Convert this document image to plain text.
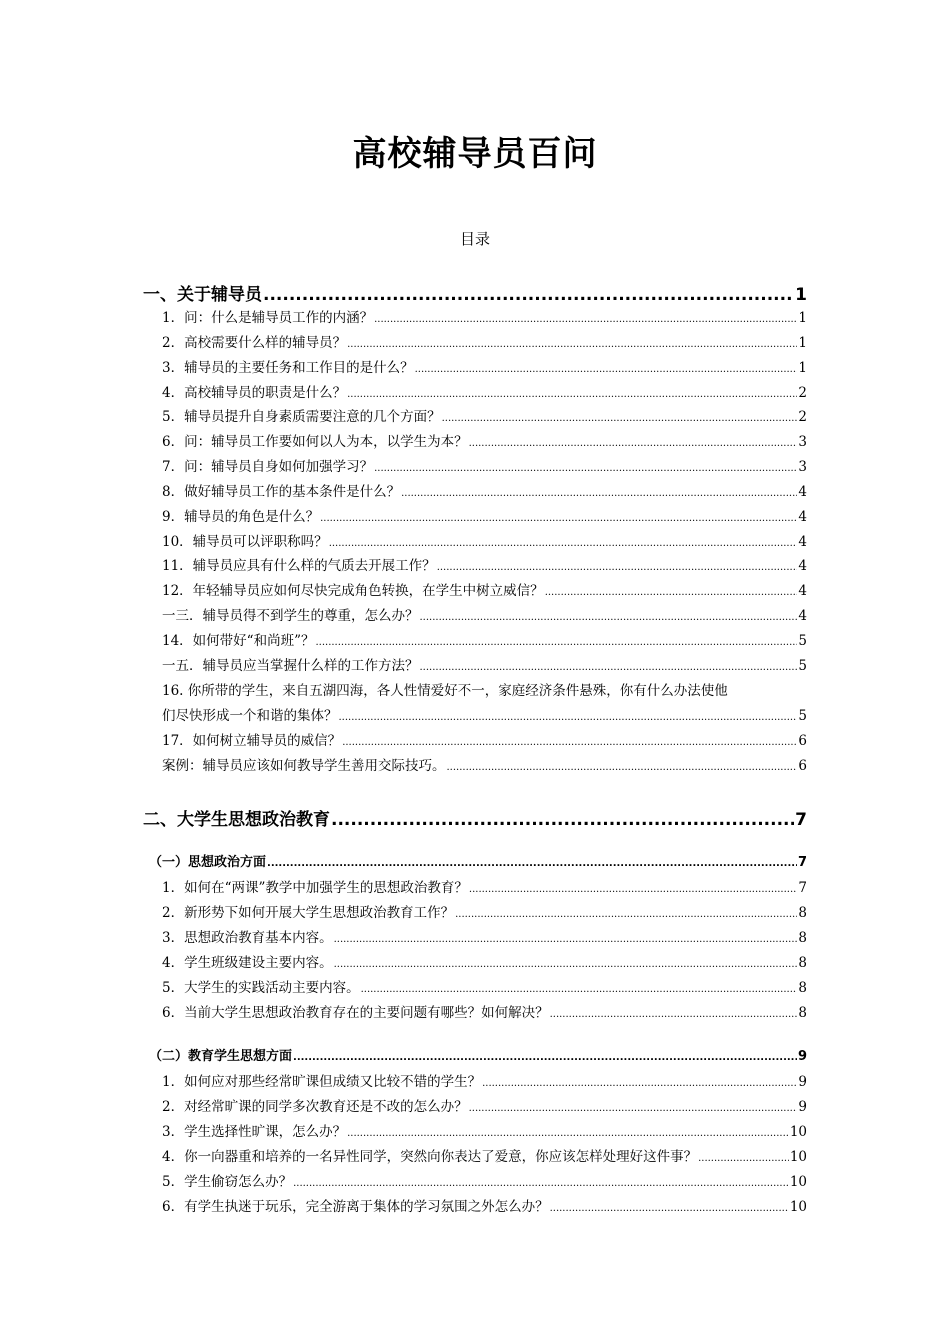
高校辅导员百问
目录
一、关于辅导员 .....	1
1．问：什么是辅导员工作的内涵？ .....	1
2．高校需要什么样的辅导员？ .....	1
3．辅导员的主要任务和工作目的是什么？ .....	1
4．高校辅导员的职责是什么？ .....	2
5．辅导员提升自身素质需要注意的几个方面？ .....	2
6．问：辅导员工作要如何以人为本，以学生为本？ .....	3
7．问：辅导员自身如何加强学习？ .....	3
8．做好辅导员工作的基本条件是什么？ .....	4
9．辅导员的角色是什么？ .....	4
10．辅导员可以评职称吗？ .....	4
11．辅导员应具有什么样的气质去开展工作？ .....	4
12．年轻辅导员应如何尽快完成角色转换，在学生中树立威信？ .....	4
一三．辅导员得不到学生的尊重，怎么办？ .....	4
14．如何带好“和尚班”？ .....	5
一五．辅导员应当掌握什么样的工作方法？ .....	5
16. 你所带的学生，来自五湖四海，各人性情爱好不一，家庭经济条件悬殊，你有什么办法使他
们尽快形成一个和谐的集体？ .....	5
17．如何树立辅导员的威信？ .....	6
案例：辅导员应该如何教导学生善用交际技巧。 .....	6
二、大学生思想政治教育 .....	7
（一）思想政治方面 .....	7
1．如何在“两课”教学中加强学生的思想政治教育？ .....	7
2．新形势下如何开展大学生思想政治教育工作？ .....	8
3．思想政治教育基本内容。 .....	8
4．学生班级建设主要内容。 .....	8
5．大学生的实践活动主要内容。 .....	8
6．当前大学生思想政治教育存在的主要问题有哪些？如何解决？ .....	8
（二）教育学生思想方面 .....	9
1．如何应对那些经常旷课但成绩又比较不错的学生？ .....	9
2．对经常旷课的同学多次教育还是不改的怎么办？ .....	9
3．学生选择性旷课，怎么办？ .....	10
4．你一向器重和培养的一名异性同学，突然向你表达了爱意，你应该怎样处理好这件事？ .....	10
5．学生偷窃怎么办？ .....	10
6．有学生执迷于玩乐，完全游离于集体的学习氛围之外怎么办？ .....	10
